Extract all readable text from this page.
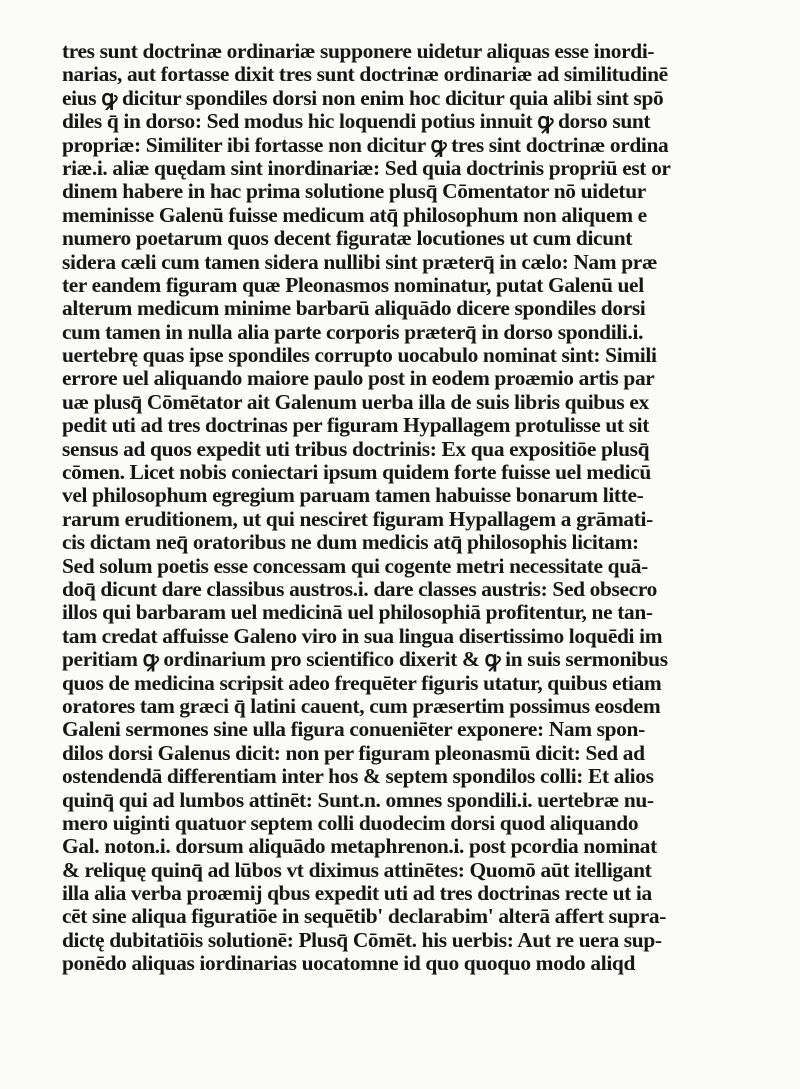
tres sunt doctrinæ ordinariæ supponere uidetur aliquas esse inordi-
narias, aut fortasse dixit tres sunt doctrinæ ordinariæ ad similitudinē
eius ꝙ dicitur spondiles dorsi non enim hoc dicitur quia alibi sint spō
diles q̄ in dorso: Sed modus hic loquendi potius innuit ꝙ dorso sunt
propriæ: Similiter ibi fortasse non dicitur ꝙ tres sint doctrinæ ordina
riæ.i. aliæ quędam sint inordinariæ: Sed quia doctrinis propriū est or
dinem habere in hac prima solutione plusq̄ Cōmentator nō uidetur
meminisse Galenū fuisse medicum atq̄ philosophum non aliquem e
numero poetarum quos decent figuratæ locutiones ut cum dicunt
sidera cæli cum tamen sidera nullibi sint præterq̄ in cælo: Nam præ
ter eandem figuram quæ Pleonasmos nominatur, putat Galenū uel
alterum medicum minime barbarū aliquādo dicere spondiles dorsi
cum tamen in nulla alia parte corporis præterq̄ in dorso spondili.i.
uertebrę quas ipse spondiles corrupto uocabulo nominat sint: Simili
errore uel aliquando maiore paulo post in eodem proæmio artis par
uæ plusq̄ Cōmētator ait Galenum uerba illa de suis libris quibus ex
pedit uti ad tres doctrinas per figuram Hypallagem protulisse ut sit
sensus ad quos expedit uti tribus doctrinis: Ex qua expositiōe plusq̄
cōmen. Licet nobis coniectari ipsum quidem forte fuisse uel medicū
vel philosophum egregium paruam tamen habuisse bonarum litte-
rarum eruditionem, ut qui nesciret figuram Hypallagem a grāmati-
cis dictam neq̄ oratoribus ne dum medicis atq̄ philosophis licitam:
Sed solum poetis esse concessam qui cogente metri necessitate quā-
doq̄ dicunt dare classibus austros.i. dare classes austris: Sed obsecro
illos qui barbaram uel medicinā uel philosophiā profitentur, ne tan-
tam credat affuisse Galeno viro in sua lingua disertissimo loquēdi im
peritiam ꝙ ordinarium pro scientifico dixerit & ꝙ in suis sermonibus
quos de medicina scripsit adeo frequēter figuris utatur, quibus etiam
oratores tam græci q̄ latini cauent, cum præsertim possimus eosdem
Galeni sermones sine ulla figura conueniēter exponere: Nam spon-
dilos dorsi Galenus dicit: non per figuram pleonasmū dicit: Sed ad
ostendendā differentiam inter hos & septem spondilos colli: Et alios
quinq̄ qui ad lumbos attinēt: Sunt.n. omnes spondili.i. uertebræ nu-
mero uiginti quatuor septem colli duodecim dorsi quod aliquando
Gal. noton.i. dorsum aliquādo metaphrenon.i. post pcordia nominat
& reliquę quinq̄ ad lūbos vt diximus attinētes: Quomō aūt itelligant
illa alia verba proæmij qbus expedit uti ad tres doctrinas recte ut ia
cēt sine aliqua figuratiōe in sequētib' declarabim' alterā affert supra-
dictę dubitatiōis solutionē: Plusq̄ Cōmēt. his uerbis: Aut re uera sup-
ponēdo aliquas iordinarias uocatomne id quo quoquo modo aliqd
